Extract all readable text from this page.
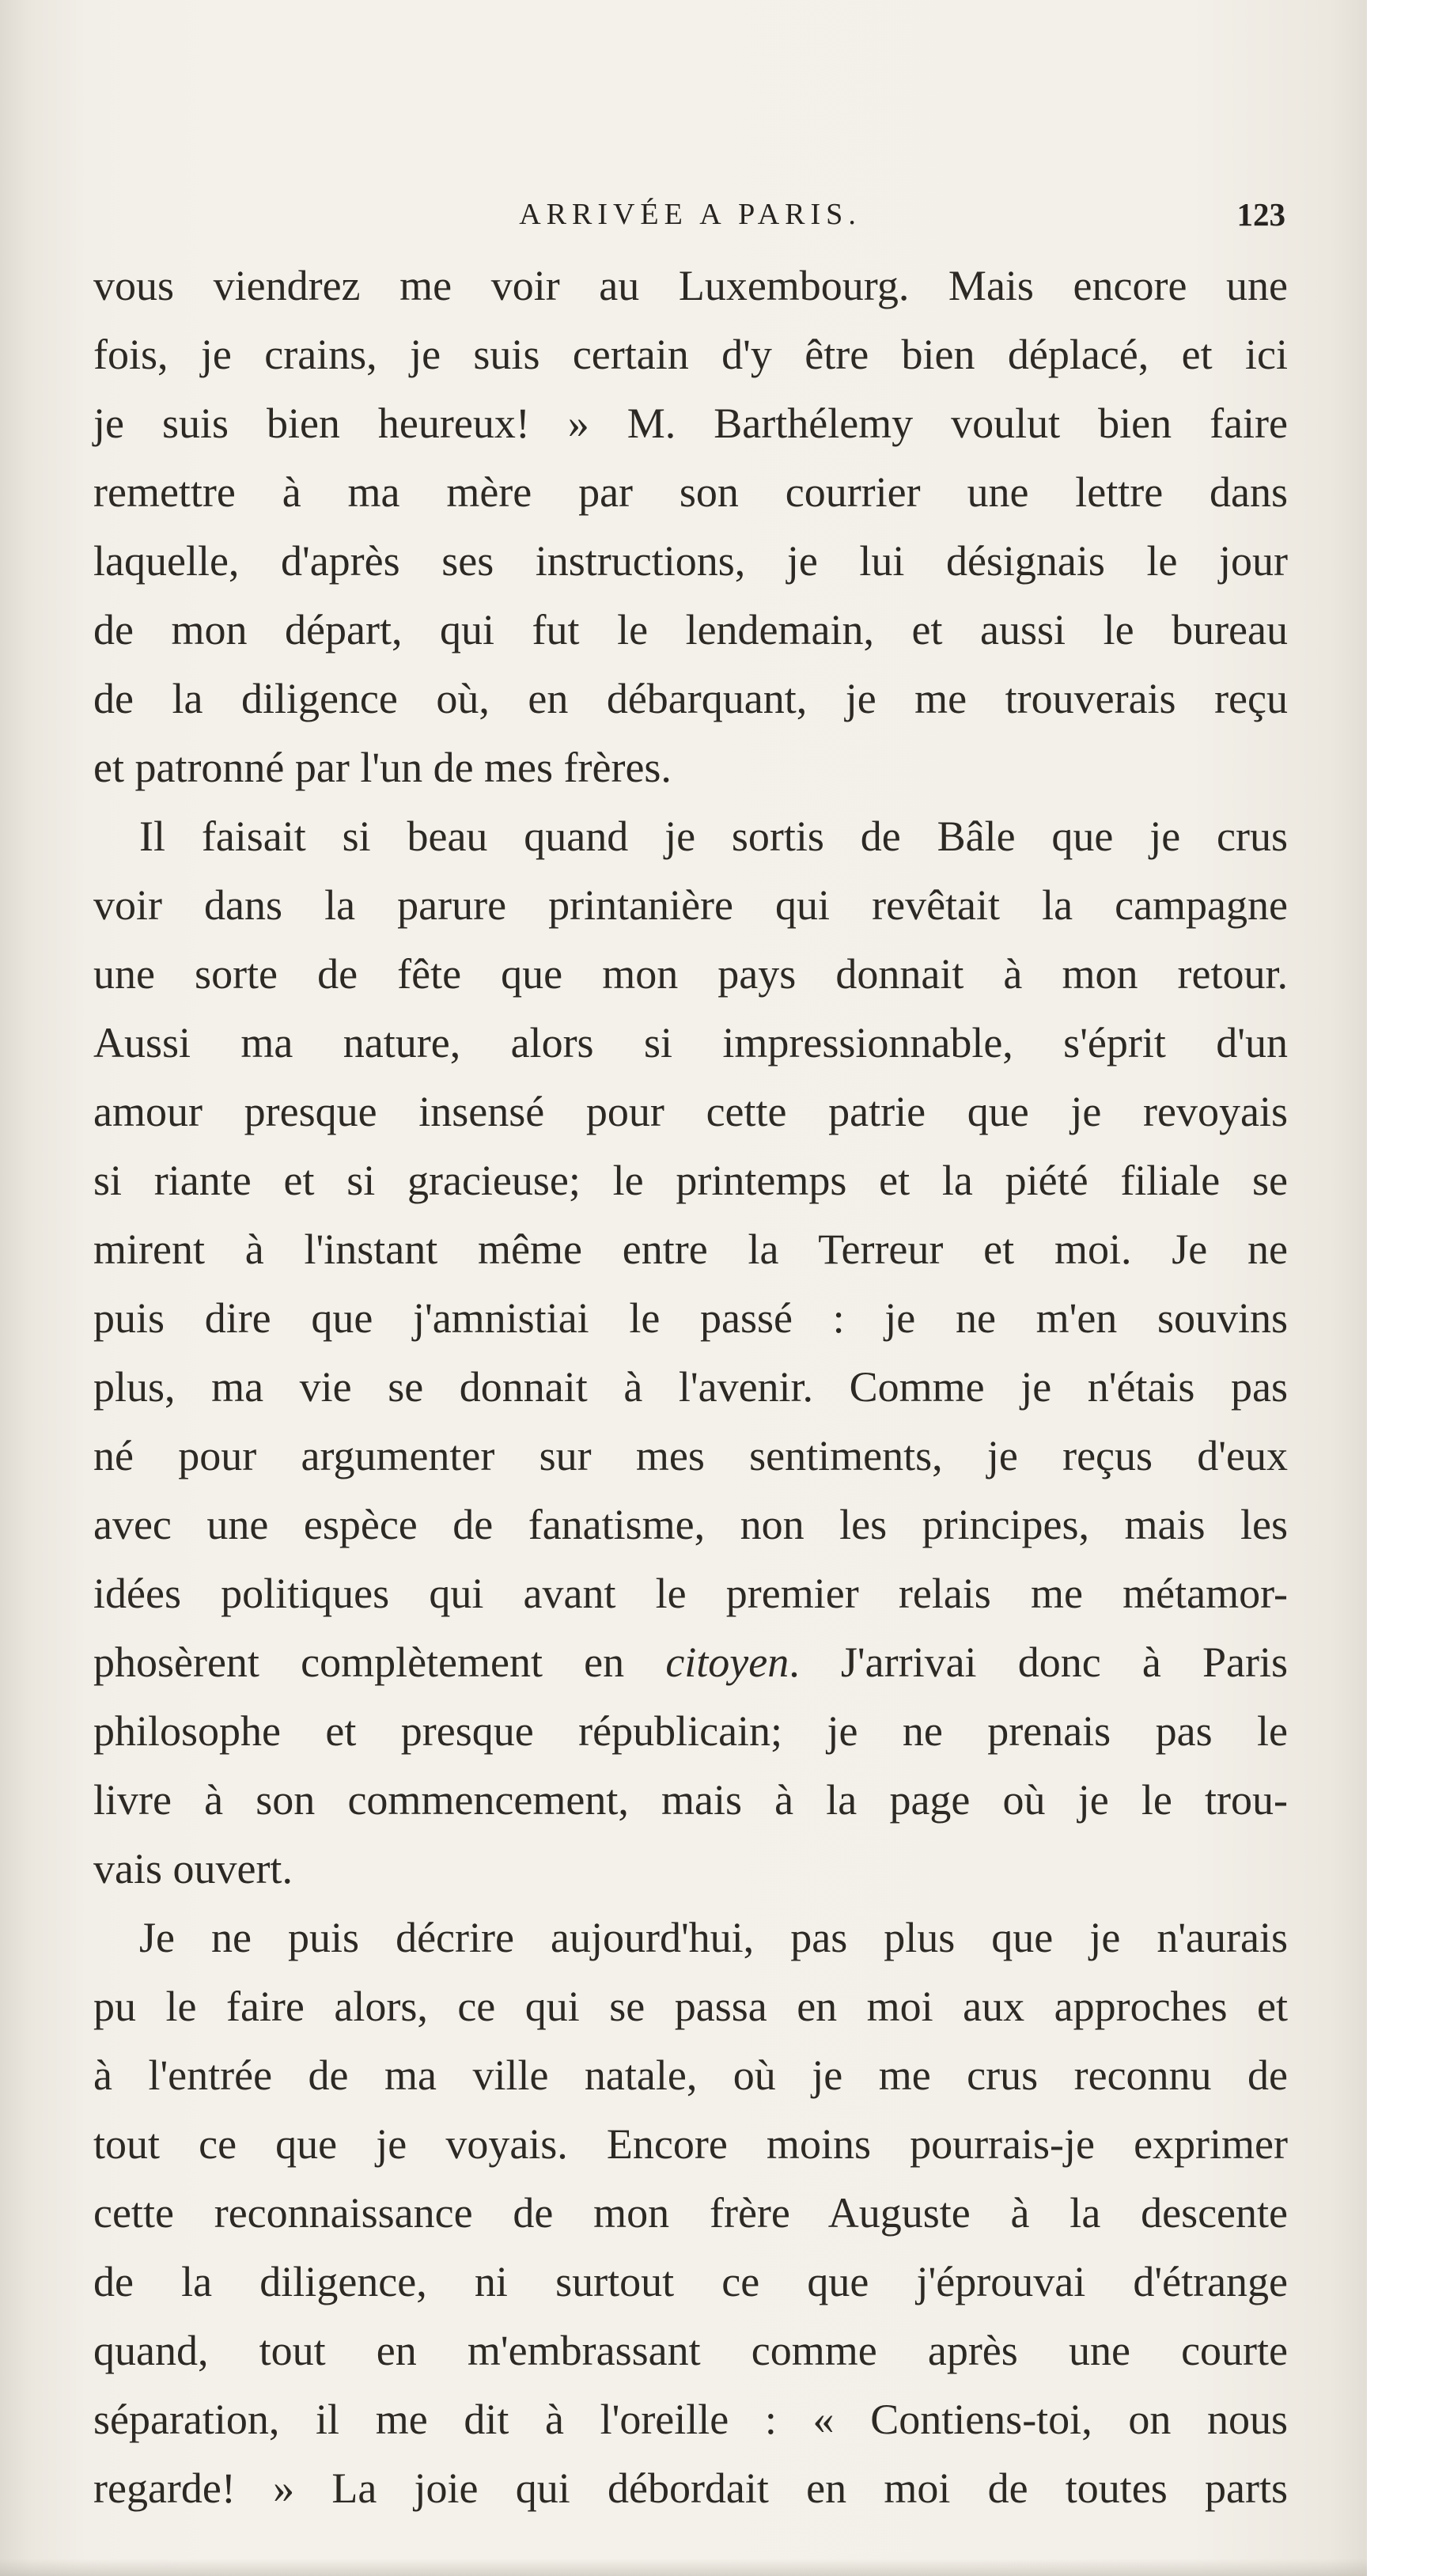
ARRIVÉE A PARIS.	123
vous viendrez me voir au Luxembourg. Mais encore une
fois, je crains, je suis certain d'y être bien déplacé, et ici
je suis bien heureux! » M. Barthélemy voulut bien faire
remettre à ma mère par son courrier une lettre dans
laquelle, d'après ses instructions, je lui désignais le jour
de mon départ, qui fut le lendemain, et aussi le bureau
de la diligence où, en débarquant, je me trouverais reçu
et patronné par l'un de mes frères.
Il faisait si beau quand je sortis de Bâle que je crus
voir dans la parure printanière qui revêtait la campagne
une sorte de fête que mon pays donnait à mon retour.
Aussi ma nature, alors si impressionnable, s'éprit d'un
amour presque insensé pour cette patrie que je revoyais
si riante et si gracieuse; le printemps et la piété filiale se
mirent à l'instant même entre la Terreur et moi. Je ne
puis dire que j'amnistiai le passé : je ne m'en souvins
plus, ma vie se donnait à l'avenir. Comme je n'étais pas
né pour argumenter sur mes sentiments, je reçus d'eux
avec une espèce de fanatisme, non les principes, mais les
idées politiques qui avant le premier relais me métamor-
phosèrent complètement en citoyen. J'arrivai donc à Paris
philosophe et presque républicain; je ne prenais pas le
livre à son commencement, mais à la page où je le trou-
vais ouvert.
Je ne puis décrire aujourd'hui, pas plus que je n'aurais
pu le faire alors, ce qui se passa en moi aux approches et
à l'entrée de ma ville natale, où je me crus reconnu de
tout ce que je voyais. Encore moins pourrais-je exprimer
cette reconnaissance de mon frère Auguste à la descente
de la diligence, ni surtout ce que j'éprouvai d'étrange
quand, tout en m'embrassant comme après une courte
séparation, il me dit à l'oreille : « Contiens-toi, on nous
regarde! » La joie qui débordait en moi de toutes parts
